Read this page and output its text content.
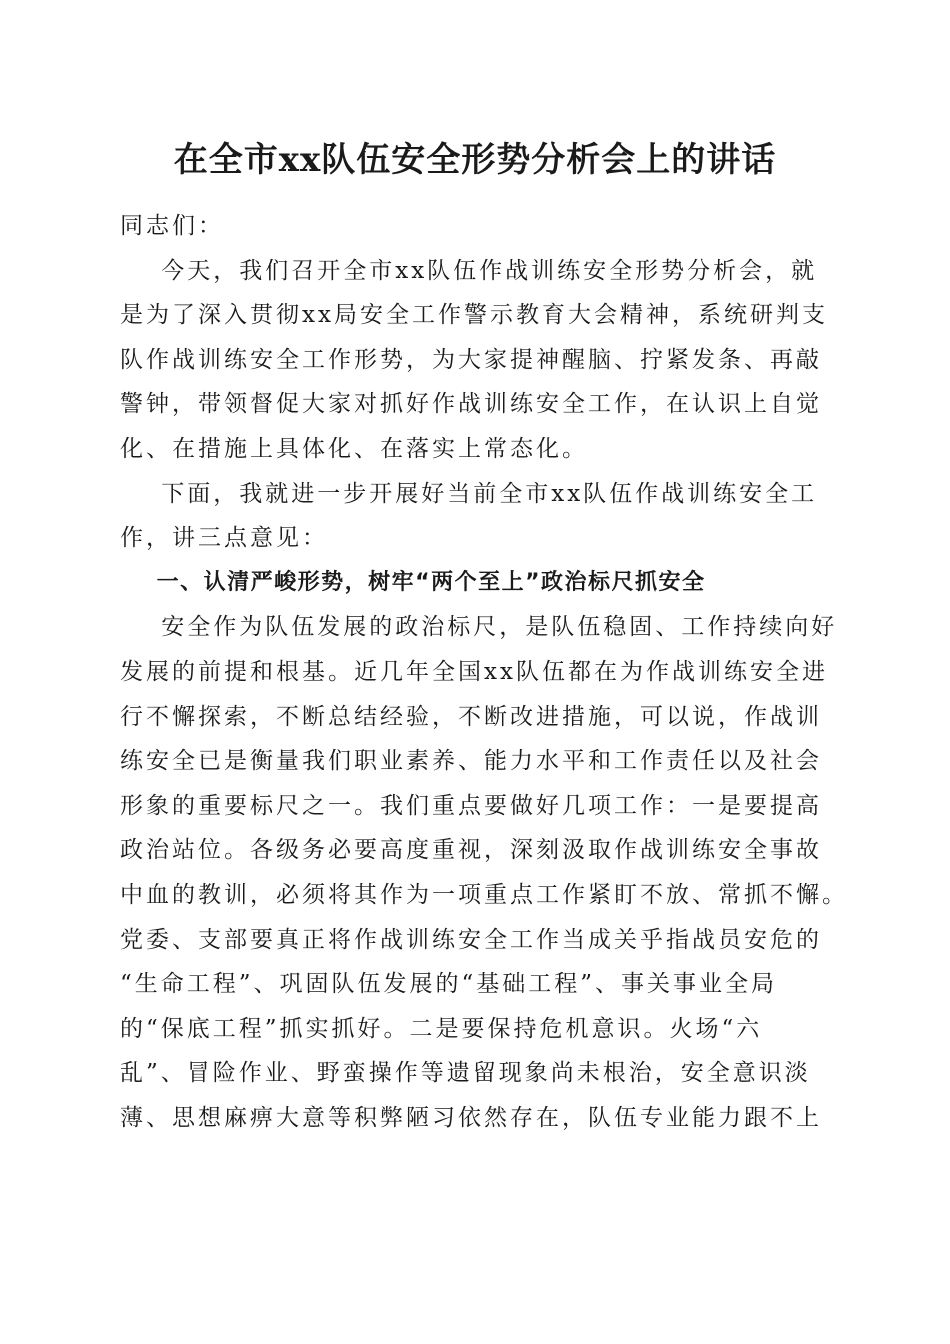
在全市xx队伍安全形势分析会上的讲话
同志们：
今天，我们召开全市xx队伍作战训练安全形势分析会，就
是为了深入贯彻xx局安全工作警示教育大会精神，系统研判支
队作战训练安全工作形势，为大家提神醒脑、拧紧发条、再敲
警钟，带领督促大家对抓好作战训练安全工作，在认识上自觉
化、在措施上具体化、在落实上常态化。
下面，我就进一步开展好当前全市xx队伍作战训练安全工
作，讲三点意见：
一、认清严峻形势，树牢“两个至上”政治标尺抓安全
安全作为队伍发展的政治标尺，是队伍稳固、工作持续向好
发展的前提和根基。近几年全国xx队伍都在为作战训练安全进
行不懈探索，不断总结经验，不断改进措施，可以说，作战训
练安全已是衡量我们职业素养、能力水平和工作责任以及社会
形象的重要标尺之一。我们重点要做好几项工作：一是要提高
政治站位。各级务必要高度重视，深刻汲取作战训练安全事故
中血的教训，必须将其作为一项重点工作紧盯不放、常抓不懈。
党委、支部要真正将作战训练安全工作当成关乎指战员安危的
“生命工程”、巩固队伍发展的“基础工程”、事关事业全局
的“保底工程”抓实抓好。二是要保持危机意识。火场“六
乱”、冒险作业、野蛮操作等遗留现象尚未根治，安全意识淡
薄、思想麻痹大意等积弊陋习依然存在，队伍专业能力跟不上
